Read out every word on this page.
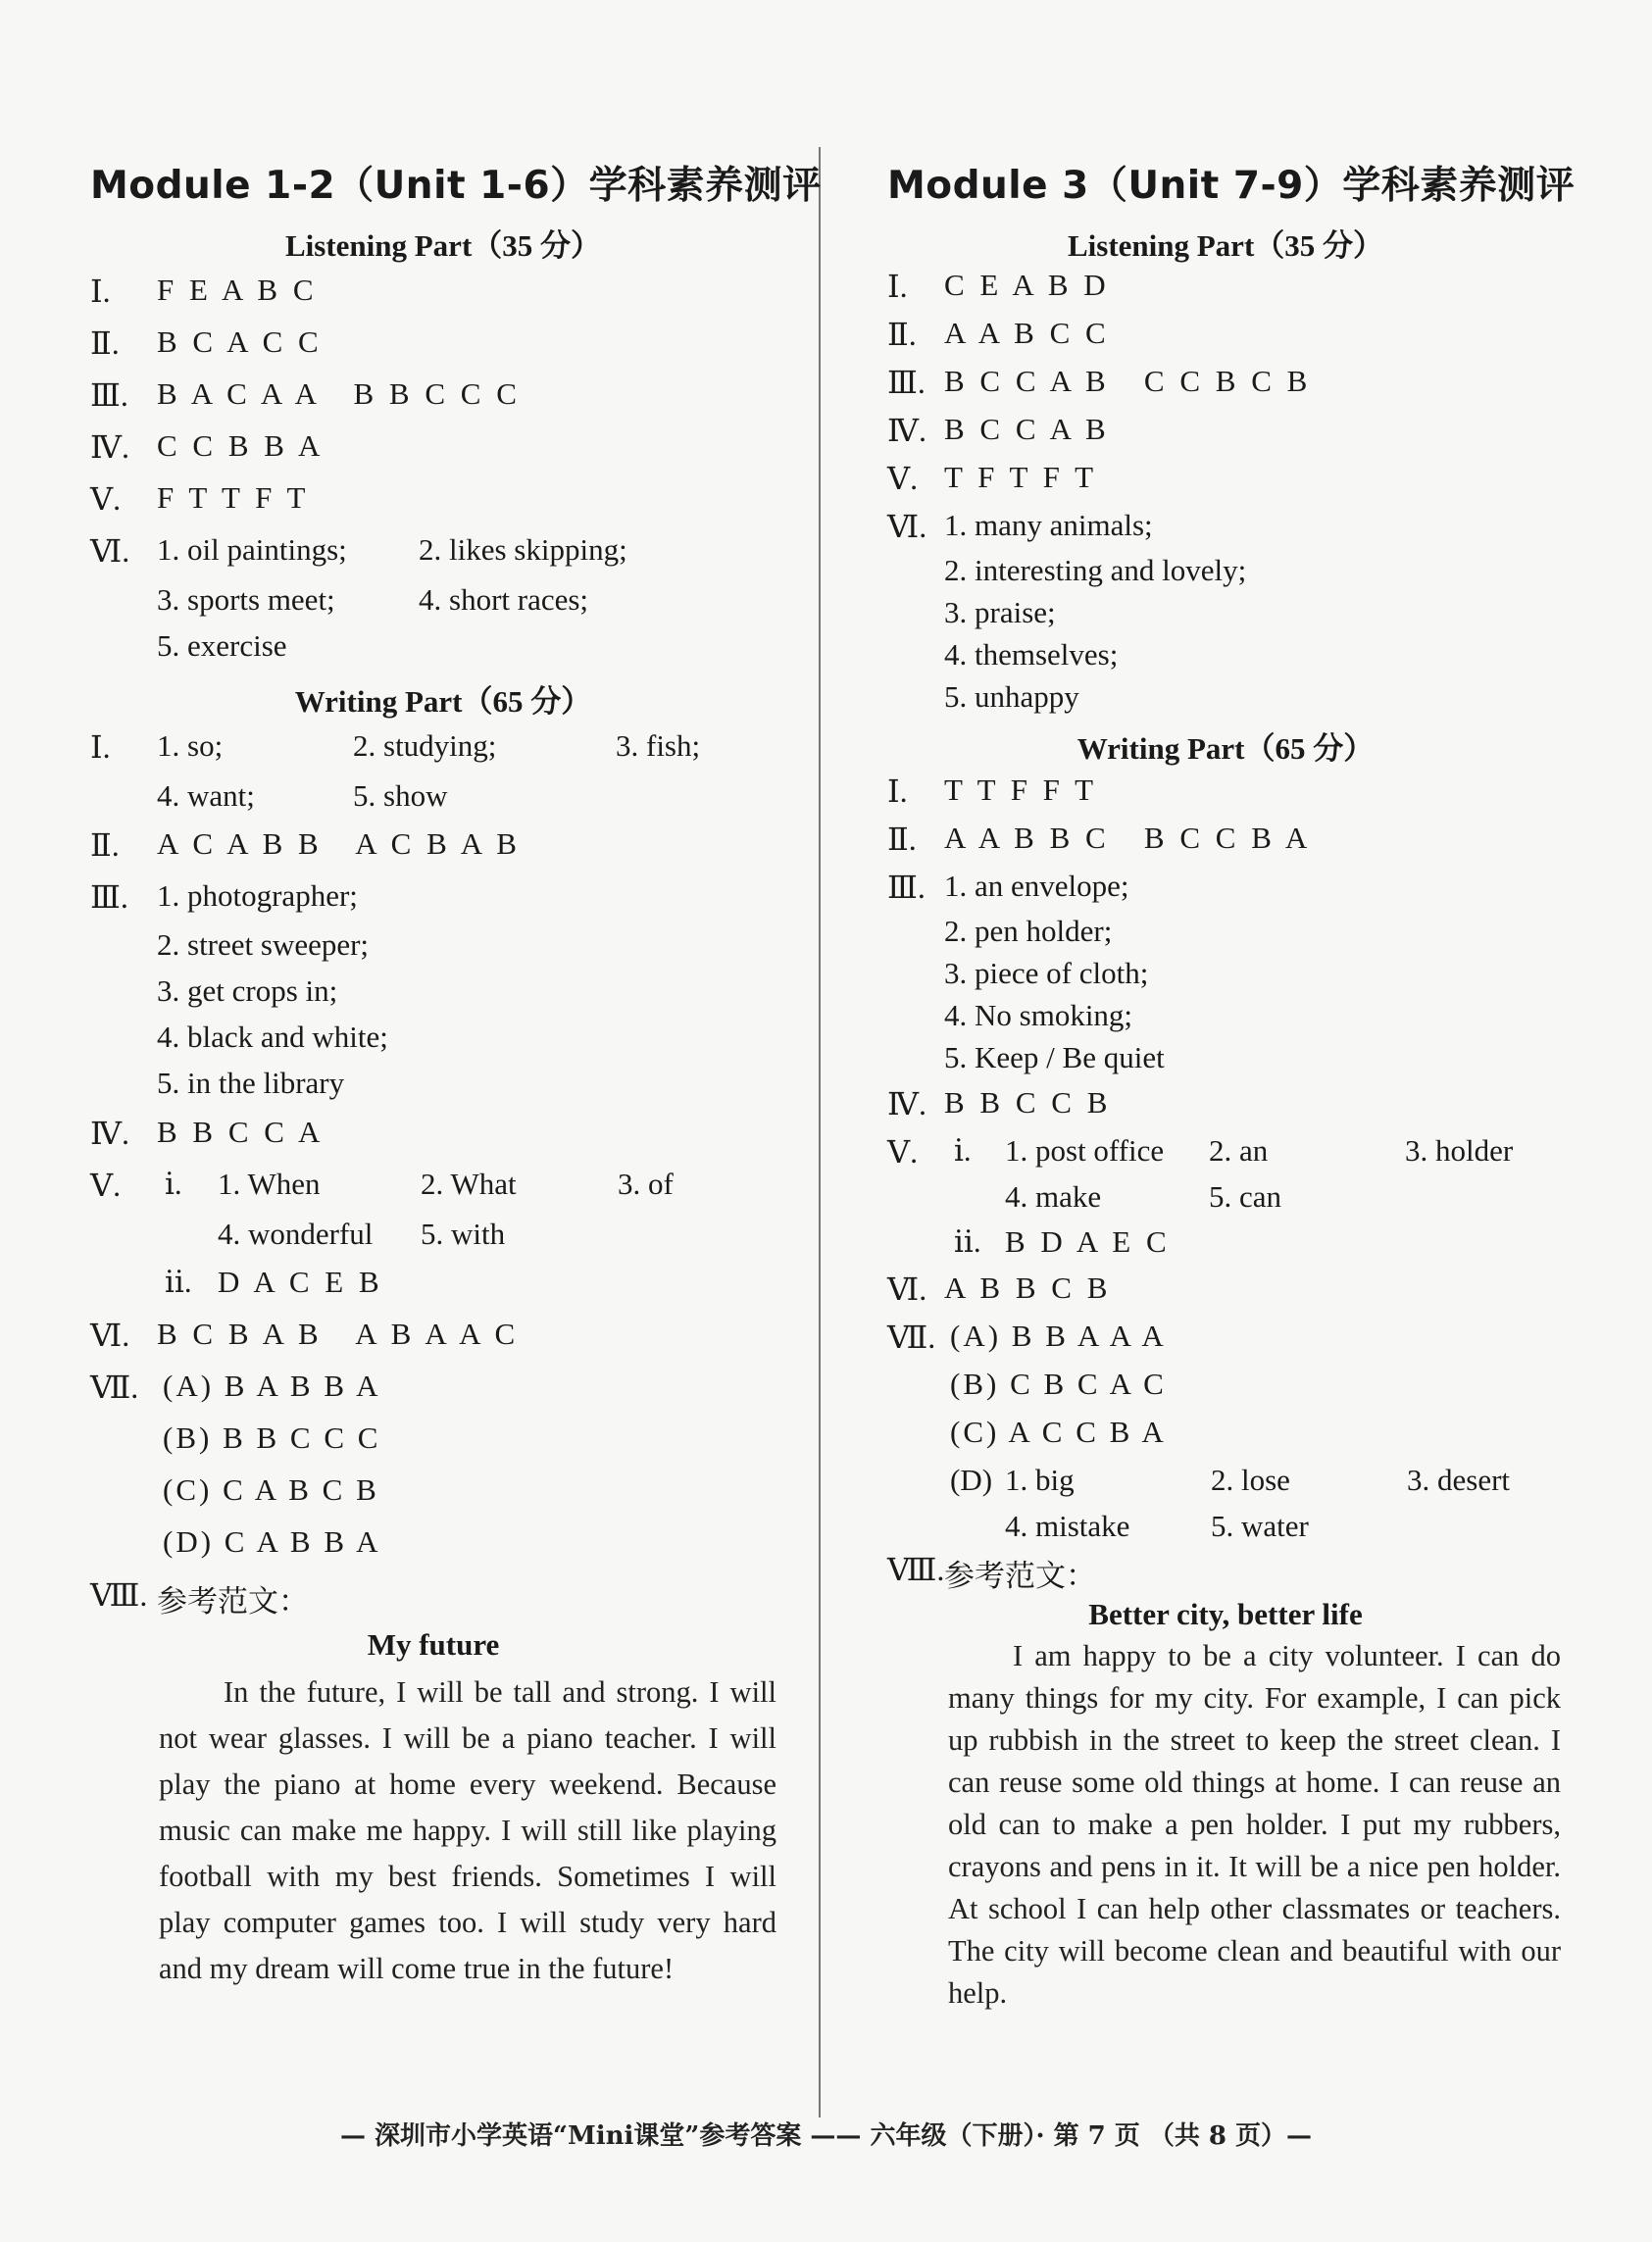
Module 1-2（Unit 1-6）学科素养测评
Listening Part（35 分）
Ⅰ.	F E A B C
Ⅱ.	B C A C C
Ⅲ. B A C A A   B B C C C
Ⅳ. C C B B A
Ⅴ.	F T T F T
Ⅵ. 1. oil paintings; 2. likes skipping;
3. sports meet;	4. short races;
5. exercise
Writing Part（65 分）
Ⅰ.	1. so;	2. studying;	3. fish;
4. want;	5. show
Ⅱ.	A C A B B   A C B A B
Ⅲ. 1. photographer;
2. street sweeper;
3. get crops in;
4. black and white;
5. in the library
Ⅳ. B B C C A
Ⅴ.	ⅰ. 1. When	2. What	3. of
4. wonderful 5. with
ⅱ. D A C E B
Ⅵ. B C B A B   A B A A C
Ⅶ. (A) B A B B A
(B) B B C C C
(C) C A B C B
(D) C A B B A
Ⅷ. 参考范文：
My future
In the future, I will be tall and strong. I will not wear glasses. I will be a piano teacher. I will play the piano at home every weekend. Because music can make me happy. I will still like playing football with my best friends. Sometimes I will play computer games too. I will study very hard and my dream will come true in the future!
Module 3（Unit 7-9）学科素养测评
Listening Part（35 分）
Ⅰ.	C E A B D
Ⅱ. A A B C C
Ⅲ. B C C A B   C C B C B
Ⅳ. B C C A B
Ⅴ. T F T F T
Ⅵ. 1. many animals;
2. interesting and lovely;
3. praise;
4. themselves;
5. unhappy
Writing Part（65 分）
Ⅰ.	T T F F T
Ⅱ. A A B B C   B C C B A
Ⅲ. 1. an envelope;
2. pen holder;
3. piece of cloth;
4. No smoking;
5. Keep / Be quiet
Ⅳ. B B C C B
Ⅴ.	ⅰ. 1. post office 2. an	3. holder
4. make	5. can
ⅱ. B D A E C
Ⅵ. A B B C B
Ⅶ. (A) B B A A A
(B) C B C A C
(C) A C C B A
(D) 1. big	2. lose	3. desert
4. mistake	5. water
Ⅷ. 参考范文：
Better city, better life
I am happy to be a city volunteer. I can do many things for my city. For example, I can pick up rubbish in the street to keep the street clean. I can reuse some old things at home. I can reuse an old can to make a pen holder. I put my rubbers, crayons and pens in it. It will be a nice pen holder. At school I can help other classmates or teachers. The city will become clean and beautiful with our help.
— 深圳市小学英语“Mini课堂”参考答案 —— 六年级（下册）· 第 7 页 （共 8 页）—
